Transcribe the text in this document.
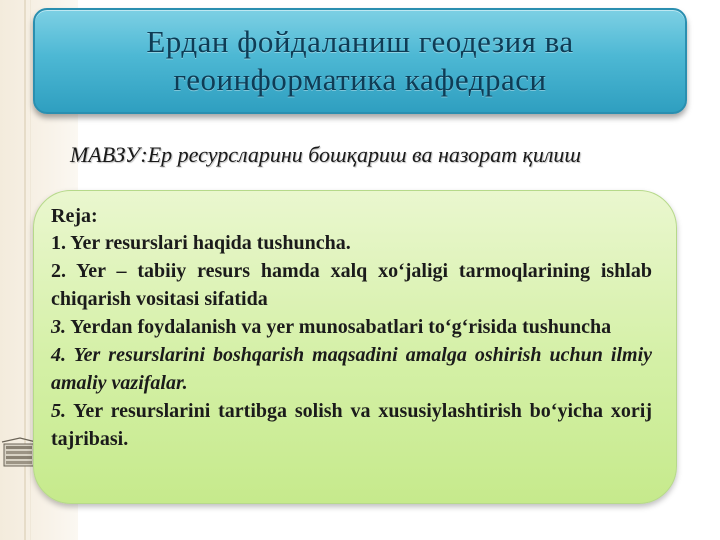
Ердан фойдаланиш геодезия ва
геоинформатика кафедраси
МАВЗУ:Ер ресурсларини бошқариш ва назорат қилиш
Reja:
1. Yer resurslari haqida tushuncha.
2. Yer – tabiiy resurs hamda xalq xo‘jaligi tarmoqlarining ishlab chiqarish vositasi sifatida
3. Yerdan foydalanish va yer munosabatlari to‘g‘risida tushuncha
4. Yer resurslarini boshqarish maqsadini amalga oshirish uchun ilmiy amaliy vazifalar.
5. Yer resurslarini tartibga solish va xususiylashtirish bo‘yicha xorij tajribasi.
